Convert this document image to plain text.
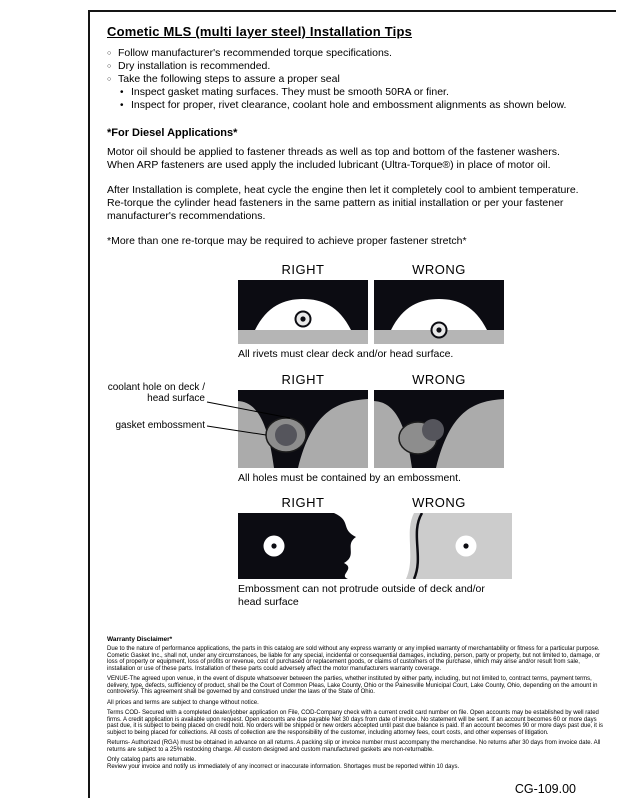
Cometic MLS (multi layer steel) Installation Tips
○ Follow manufacturer's recommended torque specifications.
○ Dry installation is recommended.
○ Take the following steps to assure a proper seal
• Inspect gasket mating surfaces. They must be smooth 50RA or finer.
• Inspect for proper, rivet clearance, coolant hole and embossment alignments as shown below.
*For Diesel Applications*

Motor oil should be applied to fastener threads as well as top and bottom of the fastener washers. When ARP fasteners are used apply the included lubricant (Ultra-Torque®) in place of motor oil.

After Installation is complete, heat cycle the engine then let it completely cool to ambient temperature. Re-torque the cylinder head fasteners in the same pattern as initial installation or per your fastener manufacturer's recommendations.

*More than one re-torque may be required to achieve proper fastener stretch*

RIGHT	WRONG
All rivets must clear deck and/or head surface.
RIGHT	WRONG
coolant hole on deck / head surface
gasket embossment
All holes must be contained by an embossment.
RIGHT	WRONG
Embossment can not protrude outside of deck and/or head surface
Warranty Disclaimer*

Due to the nature of performance applications, the parts in this catalog are sold without any express warranty or any implied warranty of merchantability or fitness for a particular purpose. Cometic Gasket Inc., shall not, under any circumstances, be liable for any special, incidental or consequential damages, including, person, party or property, but not limited to, damage, or loss of property or equipment, loss of profits or revenue, cost of purchased or replacement goods, or claims of customers of the purchase, which may arise and/or result from sale, installation or use of these parts. Installation of these parts could adversely affect the motor manufacturers warranty coverage.

VENUE-The agreed upon venue, in the event of dispute whatsoever between the parties, whether instituted by either party, including, but not limited to, contract terms, payment terms, delivery, type, defects, sufficiency of product, shall be the Court of Common Pleas, Lake County, Ohio or the Painesville Municipal Court, Lake County, Ohio, depending on the amount in controversy. This agreement shall be governed by and construed under the laws of the State of Ohio.

All prices and terms are subject to change without notice.

Terms COD- Secured with a completed dealer/jobber application on File, COD-Company check with a current credit card number on file. Open accounts may be established by well rated firms. A credit application is available upon request. Open accounts are due payable Net 30 days from date of invoice. No statement will be sent. If an account becomes 60 or more days past due, it is subject to being placed on credit hold. No orders will be shipped or new orders accepted until past due balance is paid. If an account becomes 90 or more days past due, it is subject to being placed for collections. All costs of collection are the responsibility of the customer, including attorney fees, court costs, and other expenses of litigation.

Returns- Authorized (RGA) must be obtained in advance on all returns. A packing slip or invoice number must accompany the merchandise. No returns after 30 days from invoice date. All returns are subject to a 25% restocking charge. All custom designed and custom manufactured gaskets are non-returnable.

Only catalog parts are returnable.

Review your invoice and notify us immediately of any incorrect or inaccurate information. Shortages must be reported within 10 days.

CG-109.00
